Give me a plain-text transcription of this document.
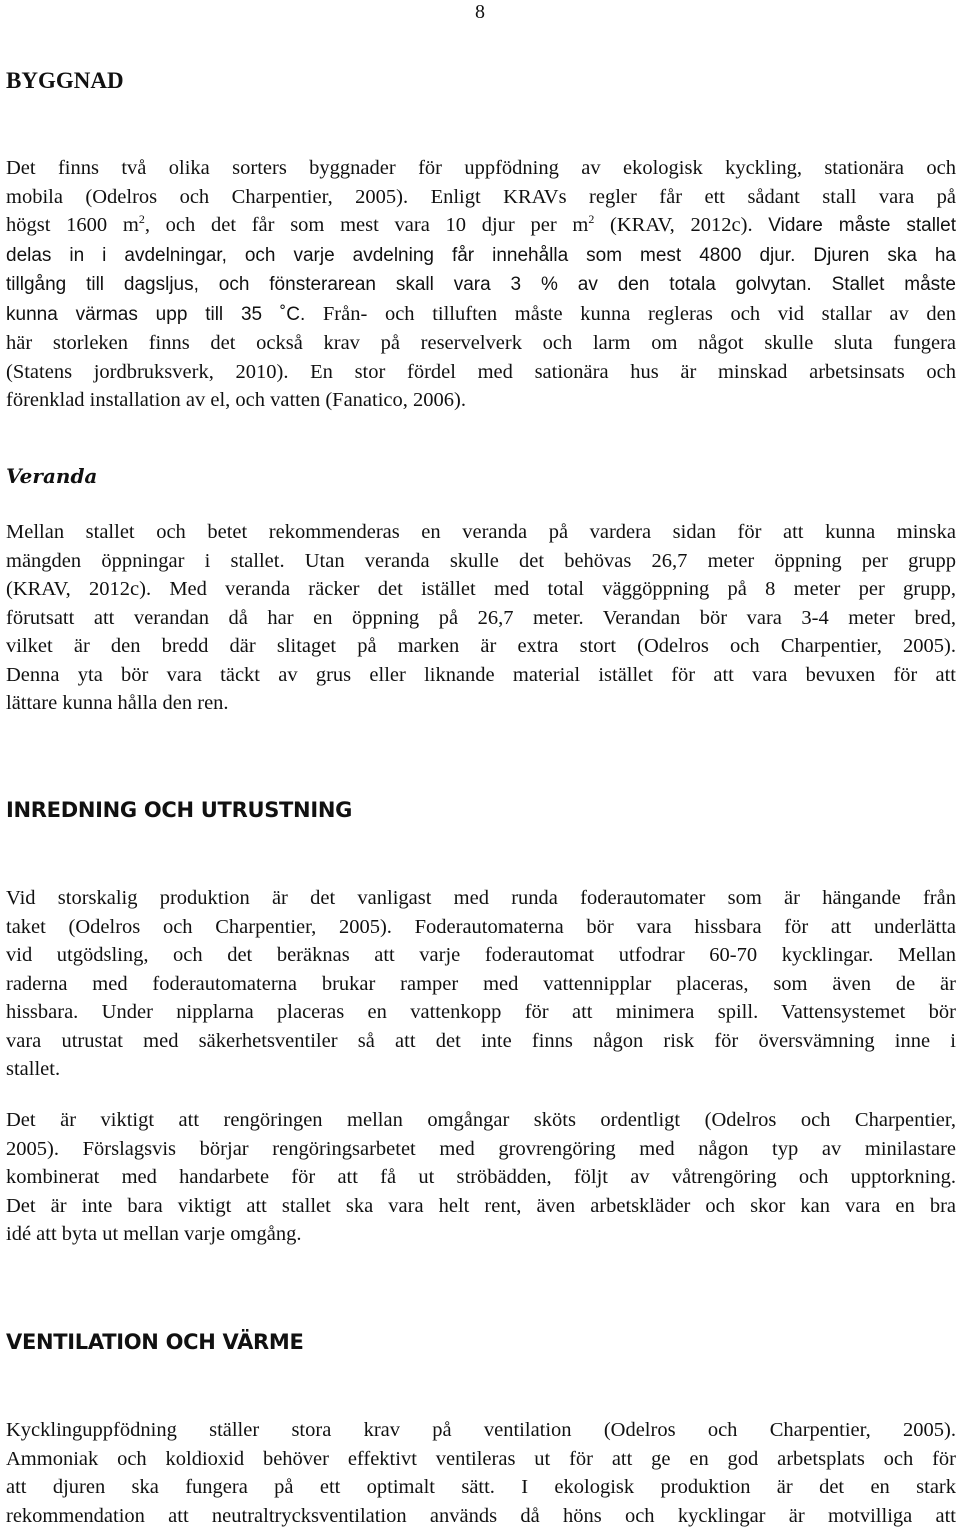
8
BYGGNAD
Det finns två olika sorters byggnader för uppfödning av ekologisk kyckling, stationära och
mobila (Odelros och Charpentier, 2005). Enligt KRAVs regler får ett sådant stall vara på
högst 1600 $m^2$, och det får som mest vara 10 djur per $m^2$ (KRAV, 2012c). Vidare måste stallet
delas in i avdelningar, och varje avdelning får innehålla som mest 4800 djur. Djuren ska ha
tillgång till dagsljus, och fönsterarean skall vara 3 % av den totala golvytan. Stallet måste
kunna värmas upp till 35 ˚C. Från- och tilluften måste kunna regleras och vid stallar av den
här storleken finns det också krav på reservelverk och larm om något skulle sluta fungera
(Statens jordbruksverk, 2010). En stor fördel med sationära hus är minskad arbetsinsats och
förenklad installation av el, och vatten (Fanatico, 2006).
Veranda
Mellan stallet och betet rekommenderas en veranda på vardera sidan för att kunna minska
mängden öppningar i stallet. Utan veranda skulle det behövas 26,7 meter öppning per grupp
(KRAV, 2012c). Med veranda räcker det istället med total väggöppning på 8 meter per grupp,
förutsatt att verandan då har en öppning på 26,7 meter. Verandan bör vara 3-4 meter bred,
vilket är den bredd där slitaget på marken är extra stort (Odelros och Charpentier, 2005).
Denna yta bör vara täckt av grus eller liknande material istället för att vara bevuxen för att
lättare kunna hålla den ren.
INREDNING OCH UTRUSTNING
Vid storskalig produktion är det vanligast med runda foderautomater som är hängande från
taket (Odelros och Charpentier, 2005). Foderautomaterna bör vara hissbara för att underlätta
vid utgödsling, och det beräknas att varje foderautomat utfodrar 60-70 kycklingar. Mellan
raderna med foderautomaterna brukar ramper med vattennipplar placeras, som även de är
hissbara. Under nipplarna placeras en vattenkopp för att minimera spill. Vattensystemet bör
vara utrustat med säkerhetsventiler så att det inte finns någon risk för översvämning inne i
stallet.
Det är viktigt att rengöringen mellan omgångar sköts ordentligt (Odelros och Charpentier,
2005). Förslagsvis börjar rengöringsarbetet med grovrengöring med någon typ av minilastare
kombinerat med handarbete för att få ut ströbädden, följt av våtrengöring och upptorkning.
Det är inte bara viktigt att stallet ska vara helt rent, även arbetskläder och skor kan vara en bra
idé att byta ut mellan varje omgång.
VENTILATION OCH VÄRME
Kycklinguppfödning ställer stora krav på ventilation (Odelros och Charpentier, 2005).
Ammoniak och koldioxid behöver effektivt ventileras ut för att ge en god arbetsplats och för
att djuren ska fungera på ett optimalt sätt. I ekologisk produktion är det en stark
rekommendation att neutraltrycksventilation används då höns och kycklingar är motvilliga att
